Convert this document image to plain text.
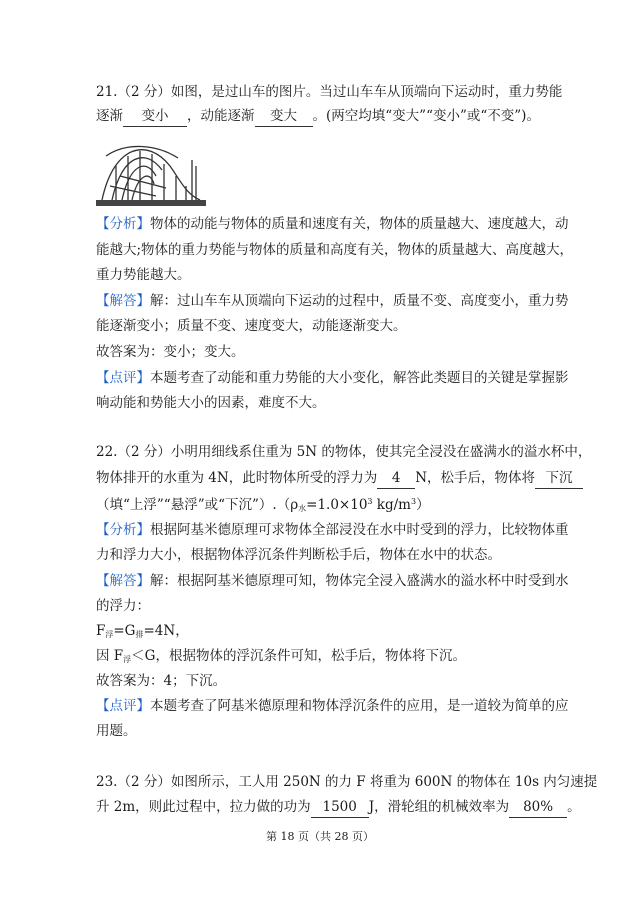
21.（2 分）如图，是过山车的图片。当过山车车从顶端向下运动时，重力势能
逐渐 变小 ，动能逐渐 变大 。(两空均填“变大”“变小”或“不变”)。
【分析】物体的动能与物体的质量和速度有关，物体的质量越大、速度越大，动
能越大;物体的重力势能与物体的质量和高度有关，物体的质量越大、高度越大，
重力势能越大。
【解答】解：过山车车从顶端向下运动的过程中，质量不变、高度变小，重力势
能逐渐变小；质量不变、速度变大，动能逐渐变大。
故答案为：变小；变大。
【点评】本题考查了动能和重力势能的大小变化，解答此类题目的关键是掌握影
响动能和势能大小的因素，难度不大。
22.（2 分）小明用细线系住重为 5N 的物体，使其完全浸没在盛满水的溢水杯中，
物体排开的水重为 4N，此时物体所受的浮力为 4 N，松手后，物体将 下沉
（填“上浮”“悬浮”或“下沉$”).(\rho_水=1.0\times 10^3$ $kg/m^3$）
【分析】根据阿基米德原理可求物体全部浸没在水中时受到的浮力，比较物体重
力和浮力大小，根据物体浮沉条件判断松手后，物体在水中的状态。
【解答】解：根据阿基米德原理可知，物体完全浸入盛满水的溢水杯中时受到水
的浮力：
$F_浮=G_排=4N$，
因 $F_浮<G$，根据物体的浮沉条件可知，松手后，物体将下沉。
故答案为：4；下沉。
【点评】本题考查了阿基米德原理和物体浮沉条件的应用，是一道较为简单的应
用题。
23.（2 分）如图所示，工人用 250N 的力 F 将重为 600N 的物体在 10s 内匀速提
升 2m，则此过程中，拉力做的功为 1500 J，滑轮组的机械效率为 80% 。
第 18 页（共 28 页）
